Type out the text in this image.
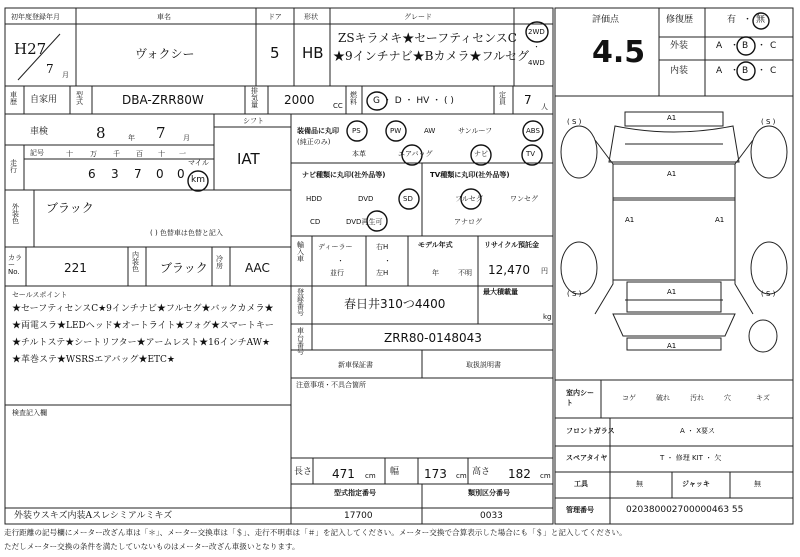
初年度登録年月
H27
7 月
車名
ヴォクシー
ドア
5
形状
HB
グレード
ZSキラメキ★セーフティセンスC
★9インチナビ★Bカメラ★フルセグ
2WD
・
4WD
評価点
4.5
修復歴	有 ・ 無
外装	A ・ B ・ C
内装	A ・ B ・ C
車歴 自家用	型式	DBA-ZRR80W
排気量 2000	CC
燃料 G ・ D ・ HV ・ ( )
定員 7 人
車検	8	年 7 月
シフト
IAT
走行
記号	十 万 千 百 十 一
6 3 7 0 0
マイル
km
外装色
ブラック
( ) 色替車は色替と記入
カラーNo.	221
内装色 ブラック
冷房 AAC
セールスポイント
★セーフティセンスC★9インチナビ★フルセグ★バックカメラ★
★両電スラ★LEDヘッド★オートライト★フォグ★スマートキー
★チルトステ★シートリフター★アームレスト★16インチAW★
★革巻ステ★WSRSエアバッグ★ETC★
検査記入欄
外装ウスキズ内装Aスレシミアルミキズ
装備品に丸印
(純正のみ)
PS	PW	AW	サンルーフ	ABS
本革	エアバッグ	ナビ	TV
ナビ種類に丸印(社外品等)
HDD	DVD	SD
CD	DVD再生可
TV種類に丸印(社外品等)
フルセグ	ワンセグ
アナログ
輸入車
ディーラー
・
並行
右H
・
左H
モデル年式
年	不明
リサイクル預託金
12,470 円
登録番号
春日井310つ4400
最大積載量
kg
車台番号
ZRR80-0148043
新車保証書	取扱説明書
注意事項・不具合箇所
長さ 471 cm 幅 173 cm 高さ 182 cm
型式指定番号
17700
類別区分番号
0033
室内シート
コゲ	破れ	汚れ	穴	キズ
フロントガラス	A ・ X要ス
スペアタイヤ	T ・ 修理 KIT ・ 欠
工具	無	ジャッキ	無
管理番号	020380002700000463 55
A1
A1
A1	A1
A1
A1
( S )	( S )
( S )	( S )
走行距離の記号欄にメーター改ざん車は「＊」、メーター交換車は「＄」、走行不明車は「＃」を記入してください。メーター交換で合算表示した場合にも「＄」と記入してください。
ただしメーター交換の条件を満たしていないものはメーター改ざん車扱いとなります。
